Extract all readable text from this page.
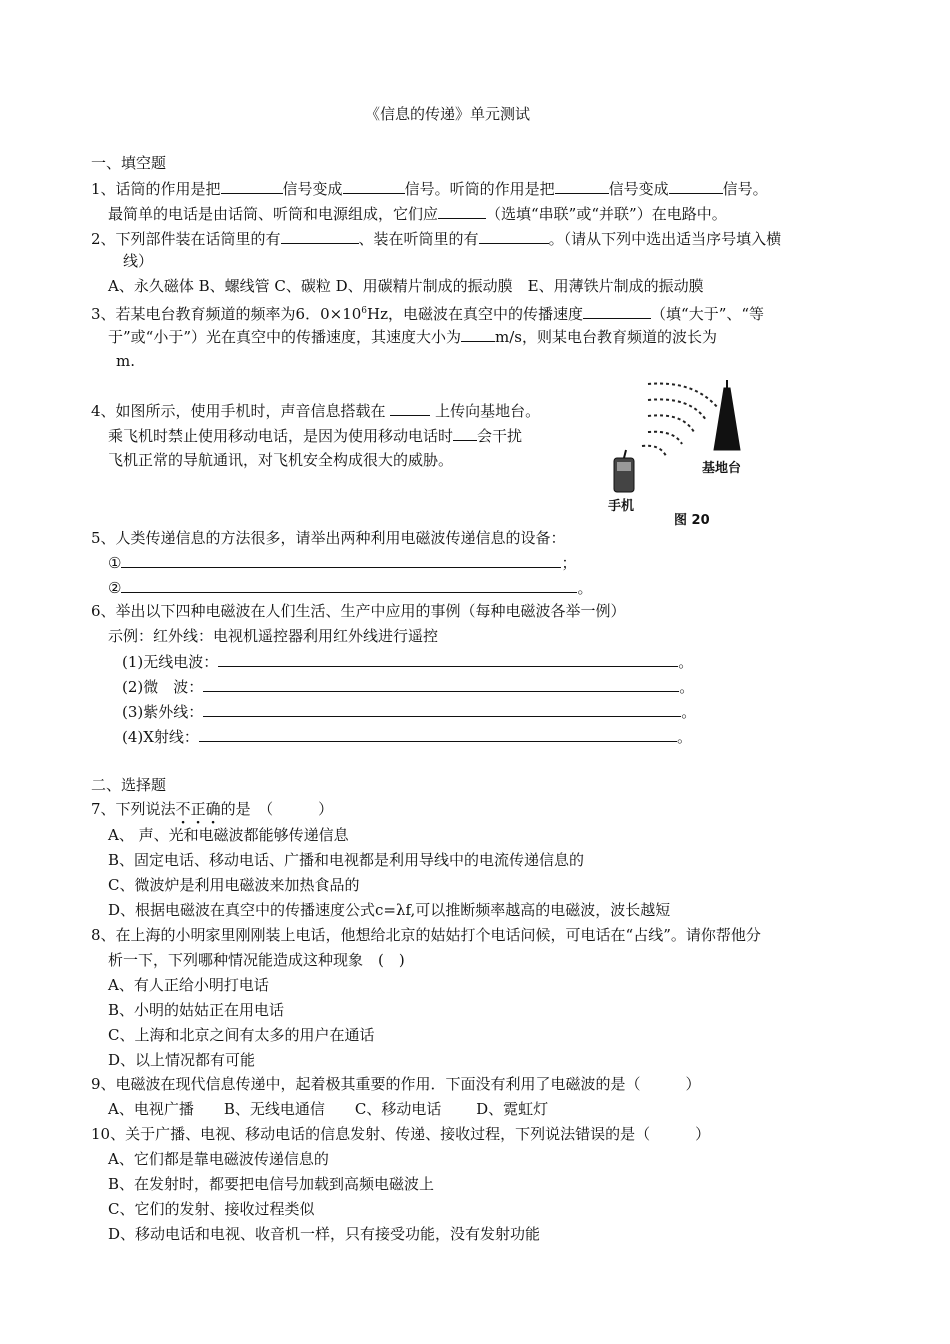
《信息的传递》单元测试
一、填空题
1、话筒的作用是把	信号变成	信号。听筒的作用是把	信号变成	信号。
最简单的电话是由话筒、听筒和电源组成，它们应	（选填“串联”或“并联”）在电路中。
2、下列部件装在话筒里的有	、装在听筒里的有	。（请从下列中选出适当序号填入横
线）
A、永久磁体 B、螺线管 C、碳粒 D、用碳精片制成的振动膜　E、用薄铁片制成的振动膜
3、若某电台教育频道的频率为6．$0\times 10^6Hz$，电磁波在真空中的传播速度	（填“大于”、“等
于”或“小于”）光在真空中的传播速度，其速度大小为 m/s，则某电台教育频道的波长为
m.
4、如图所示，使用手机时，声音信息搭载在	上传向基地台。
乘飞机时禁止使用移动电话，是因为使用移动电话时 会干扰
飞机正常的导航通讯，对飞机安全构成很大的威胁。	基地台
手机
图 20
5、人类传递信息的方法很多，请举出两种利用电磁波传递信息的设备：
①	；
②	。
6、举出以下四种电磁波在人们生活、生产中应用的事例（每种电磁波各举一例）
示例：红外线：电视机遥控器利用红外线进行遥控
(1)无线电波：	。
(2)微　波：	。
(3)紫外线：	。
(4)X射线：	。
二、选择题
7、下列说法不正确的是　（　　　）
A、 声、光和电磁波都能够传递信息
B、固定电话、移动电话、广播和电视都是利用导线中的电流传递信息的
C、微波炉是利用电磁波来加热食品的
D、根据电磁波在真空中的传播速度公式c=λf,可以推断频率越高的电磁波，波长越短
8、在上海的小明家里刚刚装上电话，他想给北京的姑姑打个电话问候，可电话在“占线”。请你帮他分
析一下，下列哪种情况能造成这种现象　(　)
A、有人正给小明打电话
B、小明的姑姑正在用电话
C、上海和北京之间有太多的用户在通话
D、以上情况都有可能
9、电磁波在现代信息传递中，起着极其重要的作用．下面没有利用了电磁波的是（　　　）
A、电视广播　　B、无线电通信　　C、移动电话　　 D、霓虹灯
10、关于广播、电视、移动电话的信息发射、传递、接收过程，下列说法错误的是（　　　）
A、它们都是靠电磁波传递信息的
B、在发射时，都要把电信号加载到高频电磁波上
C、它们的发射、接收过程类似
D、移动电话和电视、收音机一样，只有接受功能，没有发射功能
